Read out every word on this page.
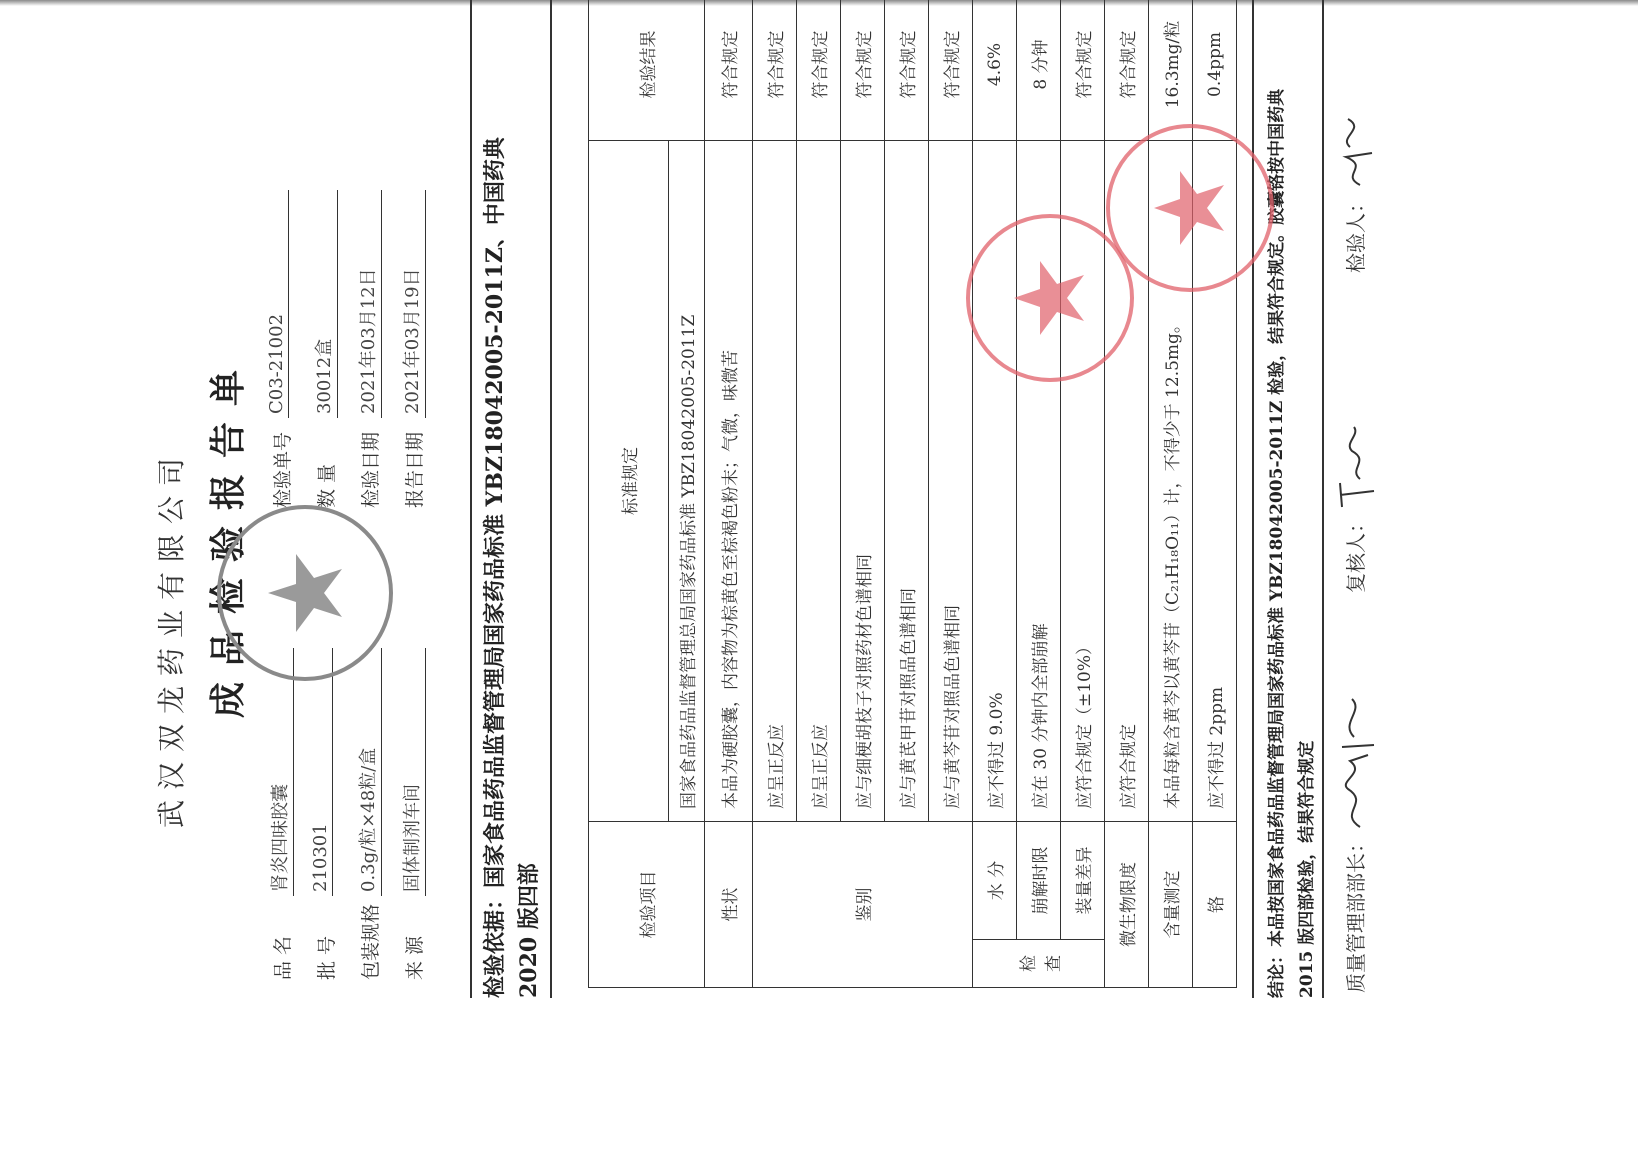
武汉双龙药业有限公司 成品检验报告单
品 名
肾炎四味胶囊
批 号
210301
包装规格
0.3g/粒×48粒/盒
来 源
固体制剂车间
检验单号
C03-21002
数 量
30012盒
检验日期
2021年03月12日
报告日期
2021年03月19日	检验依据：国家食品药品监督管理局国家药品标准 YBZ18042005-2011Z、中国药典 2020 版四部	检验项目		标准规定	检验结果
		国家食品药品监督管理总局国家药品标准 YBZ18042005-2011Z	
性状		本品为硬胶囊，内容物为棕黄色至棕褐色粉末；气微，味微苦	符合规定
鉴别		应呈正反应	符合规定
		应呈正反应	符合规定
		应与细梗胡枝子对照药材色谱相同	符合规定
		应与黄芪甲苷对照品色谱相同	符合规定
		应与黄芩苷对照品色谱相同	符合规定
检查	水 分	应不得过 9.0%	4.6%
	崩解时限	应在 30 分钟内全部崩解	8 分钟
	装量差异	应符合规定（±10%）	符合规定
微生物限度		应符合规定	符合规定
含量测定		本品每粒含黄芩以黄芩苷（C₂₁H₁₈O₁₁）计，不得少于 12.5mg。	16.3mg/粒
铬		应不得过 2ppm	0.4ppm
结论：本品按国家食品药品监督管理局国家药品标准 YBZ18042005-2011Z 检验，结果符合规定。胶囊铬按中国药典 2015 版四部检验，结果符合规定 质量管理部部长：
复核人：
检验人：
